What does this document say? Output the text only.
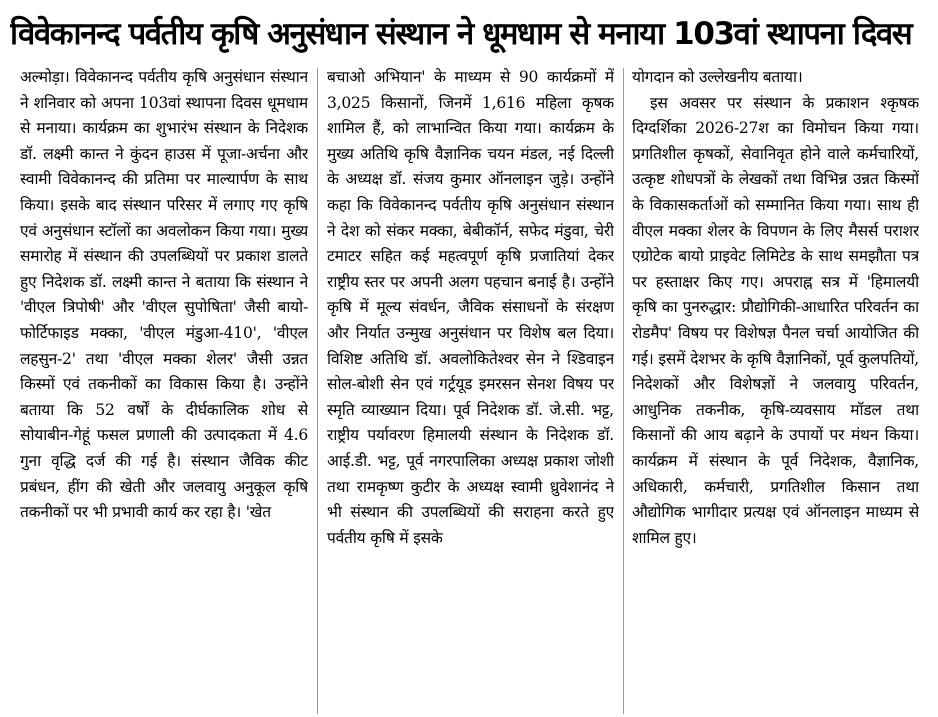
विवेकानन्द पर्वतीय कृषि अनुसंधान संस्थान ने धूमधाम से मनाया 103वां स्थापना दिवस

अल्मोड़ा। विवेकानन्द पर्वतीय कृषि अनुसंधान संस्थान ने शनिवार को अपना 103वां स्थापना दिवस धूमधाम से मनाया। कार्यक्रम का शुभारंभ संस्थान के निदेशक डॉ. लक्ष्मी कान्त ने कुंदन हाउस में पूजा-अर्चना और स्वामी विवेकानन्द की प्रतिमा पर माल्यार्पण के साथ किया। इसके बाद संस्थान परिसर में लगाए गए कृषि एवं अनुसंधान स्टॉलों का अवलोकन किया गया। मुख्य समारोह में संस्थान की उपलब्धियों पर प्रकाश डालते हुए निदेशक डॉ. लक्ष्मी कान्त ने बताया कि संस्थान ने 'वीएल त्रिपोषी' और 'वीएल सुपोषिता' जैसी बायो-फोर्टिफाइड मक्का, 'वीएल मंडुआ-410', 'वीएल लहसुन-2' तथा 'वीएल मक्का शेलर' जैसी उन्नत किस्मों एवं तकनीकों का विकास किया है। उन्होंने बताया कि 52 वर्षों के दीर्घकालिक शोध से सोयाबीन-गेहूं फसल प्रणाली की उत्पादकता में 4.6 गुना वृद्धि दर्ज की गई है। संस्थान जैविक कीट प्रबंधन, हींग की खेती और जलवायु अनुकूल कृषि तकनीकों पर भी प्रभावी कार्य कर रहा है। 'खेत

बचाओ अभियान' के माध्यम से 90 कार्यक्रमों में 3,025 किसानों, जिनमें 1,616 महिला कृषक शामिल हैं, को लाभान्वित किया गया। कार्यक्रम के मुख्य अतिथि कृषि वैज्ञानिक चयन मंडल, नई दिल्ली के अध्यक्ष डॉ. संजय कुमार ऑनलाइन जुड़े। उन्होंने कहा कि विवेकानन्द पर्वतीय कृषि अनुसंधान संस्थान ने देश को संकर मक्का, बेबीकॉर्न, सफेद मंडुवा, चेरी टमाटर सहित कई महत्वपूर्ण कृषि प्रजातियां देकर राष्ट्रीय स्तर पर अपनी अलग पहचान बनाई है। उन्होंने कृषि में मूल्य संवर्धन, जैविक संसाधनों के संरक्षण और निर्यात उन्मुख अनुसंधान पर विशेष बल दिया। विशिष्ट अतिथि डॉ. अवलोकितेश्वर सेन ने श्डिवाइन सोल-बोशी सेन एवं गर्ट्रयूड इमरसन सेनश विषय पर स्मृति व्याख्यान दिया। पूर्व निदेशक डॉ. जे.सी. भट्ट, राष्ट्रीय पर्यावरण हिमालयी संस्थान के निदेशक डॉ. आई.डी. भट्ट, पूर्व नगरपालिका अध्यक्ष प्रकाश जोशी तथा रामकृष्ण कुटीर के अध्यक्ष स्वामी ध्रुवेशानंद ने भी संस्थान की उपलब्धियों की सराहना करते हुए पर्वतीय कृषि में इसके

योगदान को उल्लेखनीय बताया।

इस अवसर पर संस्थान के प्रकाशन श्कृषक दिग्दर्शिका 2026-27श का विमोचन किया गया। प्रगतिशील कृषकों, सेवानिवृत होने वाले कर्मचारियों, उत्कृष्ट शोधपत्रों के लेखकों तथा विभिन्न उन्नत किस्मों के विकासकर्ताओं को सम्मानित किया गया। साथ ही वीएल मक्का शेलर के विपणन के लिए मैसर्स पराशर एग्रोटेक बायो प्राइवेट लिमिटेड के साथ समझौता पत्र पर हस्ताक्षर किए गए। अपराह्न सत्र में 'हिमालयी कृषि का पुनरुद्धार: प्रौद्योगिकी-आधारित परिवर्तन का रोडमैप' विषय पर विशेषज्ञ पैनल चर्चा आयोजित की गई। इसमें देशभर के कृषि वैज्ञानिकों, पूर्व कुलपतियों, निदेशकों और विशेषज्ञों ने जलवायु परिवर्तन, आधुनिक तकनीक, कृषि-व्यवसाय मॉडल तथा किसानों की आय बढ़ाने के उपायों पर मंथन किया। कार्यक्रम में संस्थान के पूर्व निदेशक, वैज्ञानिक, अधिकारी, कर्मचारी, प्रगतिशील किसान तथा औद्योगिक भागीदार प्रत्यक्ष एवं ऑनलाइन माध्यम से शामिल हुए।
